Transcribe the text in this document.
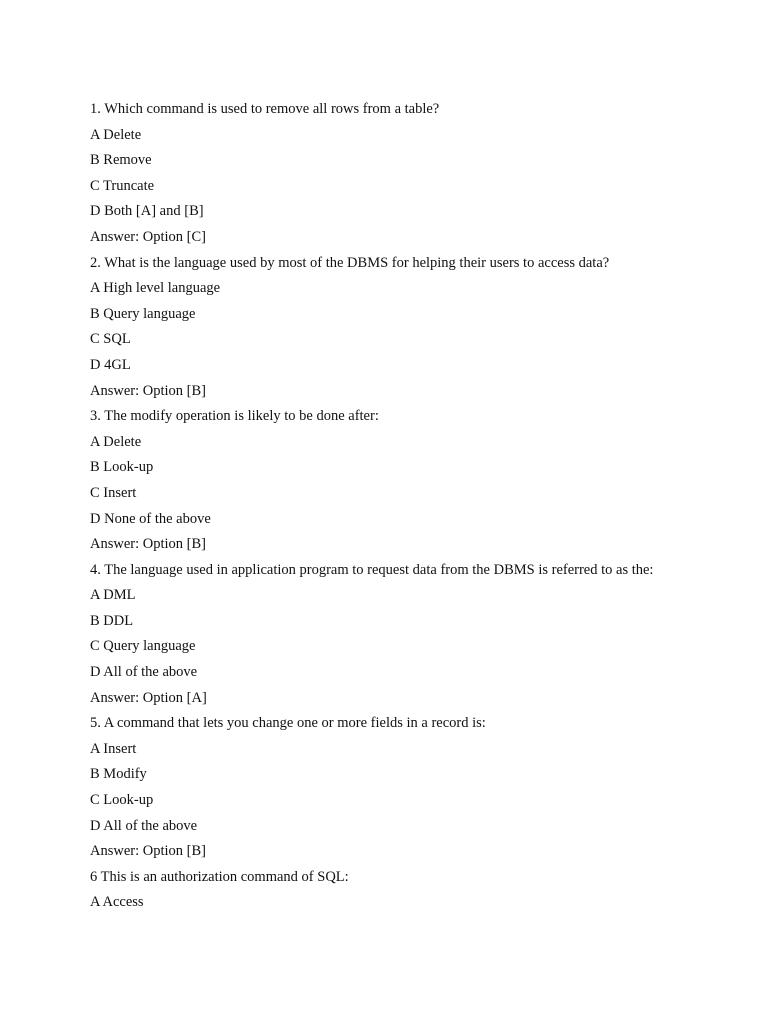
1. Which command is used to remove all rows from a table?
A Delete
B Remove
C Truncate
D Both [A] and [B]
Answer: Option [C]
2. What is the language used by most of the DBMS for helping their users to access data?
A High level language
B Query language
C SQL
D 4GL
Answer: Option [B]
3. The modify operation is likely to be done after:
A Delete
B Look-up
C Insert
D None of the above
Answer: Option [B]
4. The language used in application program to request data from the DBMS is referred to as the:
A DML
B DDL
C Query language
D All of the above
Answer: Option [A]
5. A command that lets you change one or more fields in a record is:
A Insert
B Modify
C Look-up
D All of the above
Answer: Option [B]
6 This is an authorization command of SQL:
A Access
